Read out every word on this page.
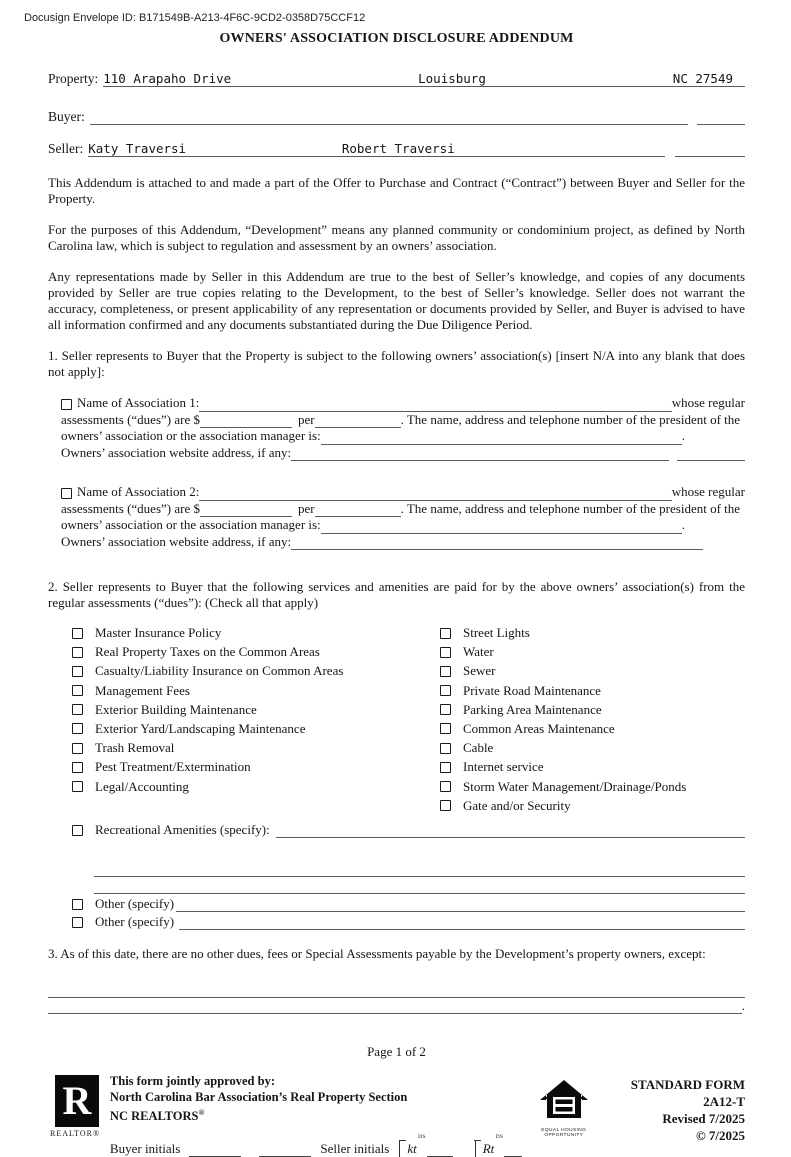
Docusign Envelope ID: B171549B-A213-4F6C-9CD2-0358D75CCF12
OWNERS' ASSOCIATION DISCLOSURE ADDENDUM
Property: 110 Arapaho Drive	Louisburg	NC 27549
Buyer:
Seller: Katy Traversi	Robert Traversi
This Addendum is attached to and made a part of the Offer to Purchase and Contract (“Contract”) between Buyer and Seller for the Property.
For the purposes of this Addendum, “Development” means any planned community or condominium project, as defined by North Carolina law, which is subject to regulation and assessment by an owners’ association.
Any representations made by Seller in this Addendum are true to the best of Seller’s knowledge, and copies of any documents provided by Seller are true copies relating to the Development, to the best of Seller’s knowledge. Seller does not warrant the accuracy, completeness, or present applicability of any representation or documents provided by Seller, and Buyer is advised to have all information confirmed and any documents substantiated during the Due Diligence Period.
1. Seller represents to Buyer that the Property is subject to the following owners’ association(s) [insert N/A into any blank that does not apply]:
Name of Association 1:	whose regular
assessments (“dues”) are $	per	. The name, address and telephone number of the president of the
owners’ association or the association manager is:	.
Owners’ association website address, if any:
Name of Association 2:	whose regular
assessments (“dues”) are $	per	. The name, address and telephone number of the president of the
owners’ association or the association manager is:	.
Owners’ association website address, if any:
2. Seller represents to Buyer that the following services and amenities are paid for by the above owners’ association(s) from the regular assessments (“dues”): (Check all that apply)
Master Insurance Policy
Real Property Taxes on the Common Areas
Casualty/Liability Insurance on Common Areas
Management Fees
Exterior Building Maintenance
Exterior Yard/Landscaping Maintenance
Trash Removal
Pest Treatment/Extermination
Legal/Accounting
Street Lights
Water
Sewer
Private Road Maintenance
Parking Area Maintenance
Common Areas Maintenance
Cable
Internet service
Storm Water Management/Drainage/Ponds
Gate and/or Security
Recreational Amenities (specify):
Other (specify)
Other (specify)
3. As of this date, there are no other dues, fees or Special Assessments payable by the Development’s property owners, except:
.
Page 1 of 2
R
REALTOR®
This form jointly approved by:
North Carolina Bar Association’s Real Property Section
NC REALTORS®
Buyer initials	Seller initials
DS
kt
DS
Rt
EQUAL HOUSING
OPPORTUNITY
STANDARD FORM 2A12-T
Revised 7/2025
© 7/2025
